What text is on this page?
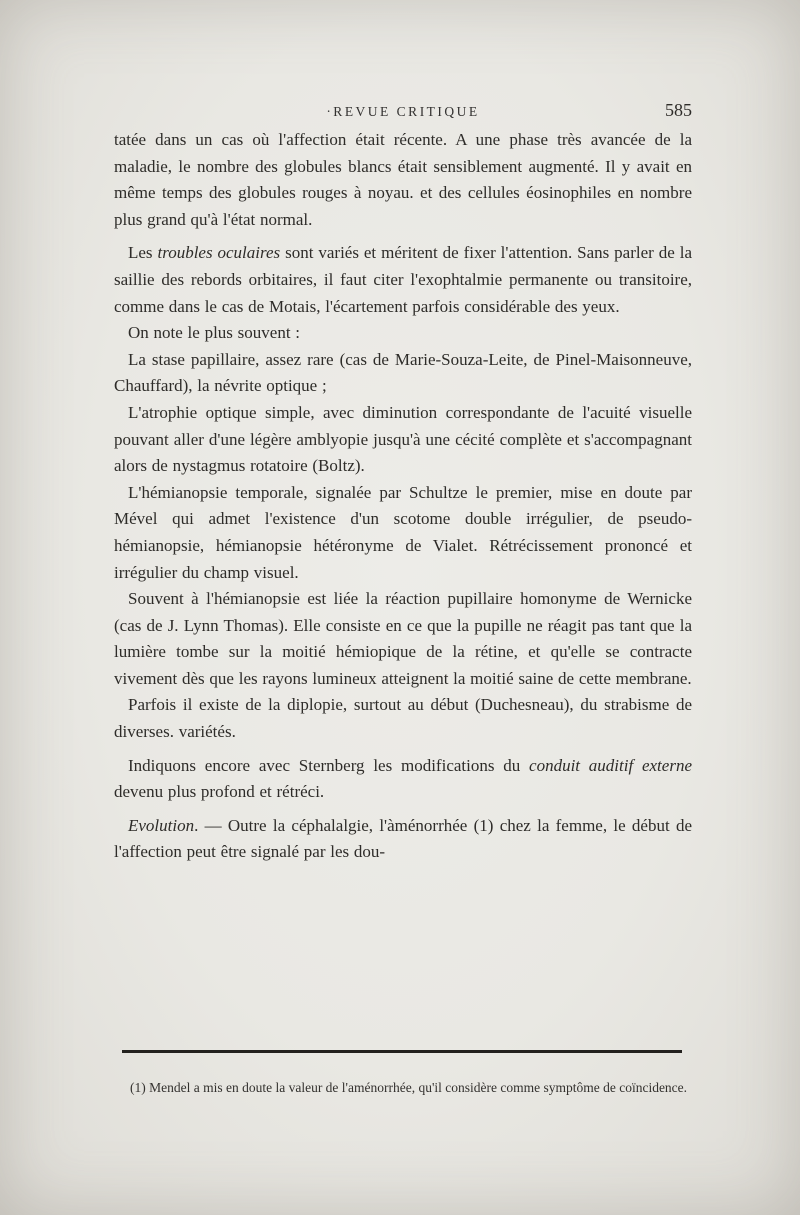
·REVUE CRITIQUE	585

tatée dans un cas où l'affection était récente. A une phase très avancée de la maladie, le nombre des globules blancs était sensiblement augmenté. Il y avait en même temps des globules rouges à noyau. et des cellules éosinophiles en nombre plus grand qu'à l'état normal.

Les troubles oculaires sont variés et méritent de fixer l'attention. Sans parler de la saillie des rebords orbitaires, il faut citer l'exophtalmie permanente ou transitoire, comme dans le cas de Motais, l'écartement parfois considérable des yeux.

On note le plus souvent :

La stase papillaire, assez rare (cas de Marie-Souza-Leite, de Pinel-Maisonneuve, Chauffard), la névrite optique ;

L'atrophie optique simple, avec diminution correspondante de l'acuité visuelle pouvant aller d'une légère amblyopie jusqu'à une cécité complète et s'accompagnant alors de nystagmus rotatoire (Boltz).

L'hémianopsie temporale, signalée par Schultze le premier, mise en doute par Mével qui admet l'existence d'un scotome double irrégulier, de pseudo-hémianopsie, hémianopsie hétéronyme de Vialet. Rétrécissement prononcé et irrégulier du champ visuel.

Souvent à l'hémianopsie est liée la réaction pupillaire homonyme de Wernicke (cas de J. Lynn Thomas). Elle consiste en ce que la pupille ne réagit pas tant que la lumière tombe sur la moitié hémiopique de la rétine, et qu'elle se contracte vivement dès que les rayons lumineux atteignent la moitié saine de cette membrane.

Parfois il existe de la diplopie, surtout au début (Duchesneau), du strabisme de diverses. variétés.

Indiquons encore avec Sternberg les modifications du conduit auditif externe devenu plus profond et rétréci.

Evolution. — Outre la céphalalgie, l'àménorrhée (1) chez la femme, le début de l'affection peut être signalé par les dou-

(1) Mendel a mis en doute la valeur de l'aménorrhée, qu'il considère comme symptôme de coïncidence.
